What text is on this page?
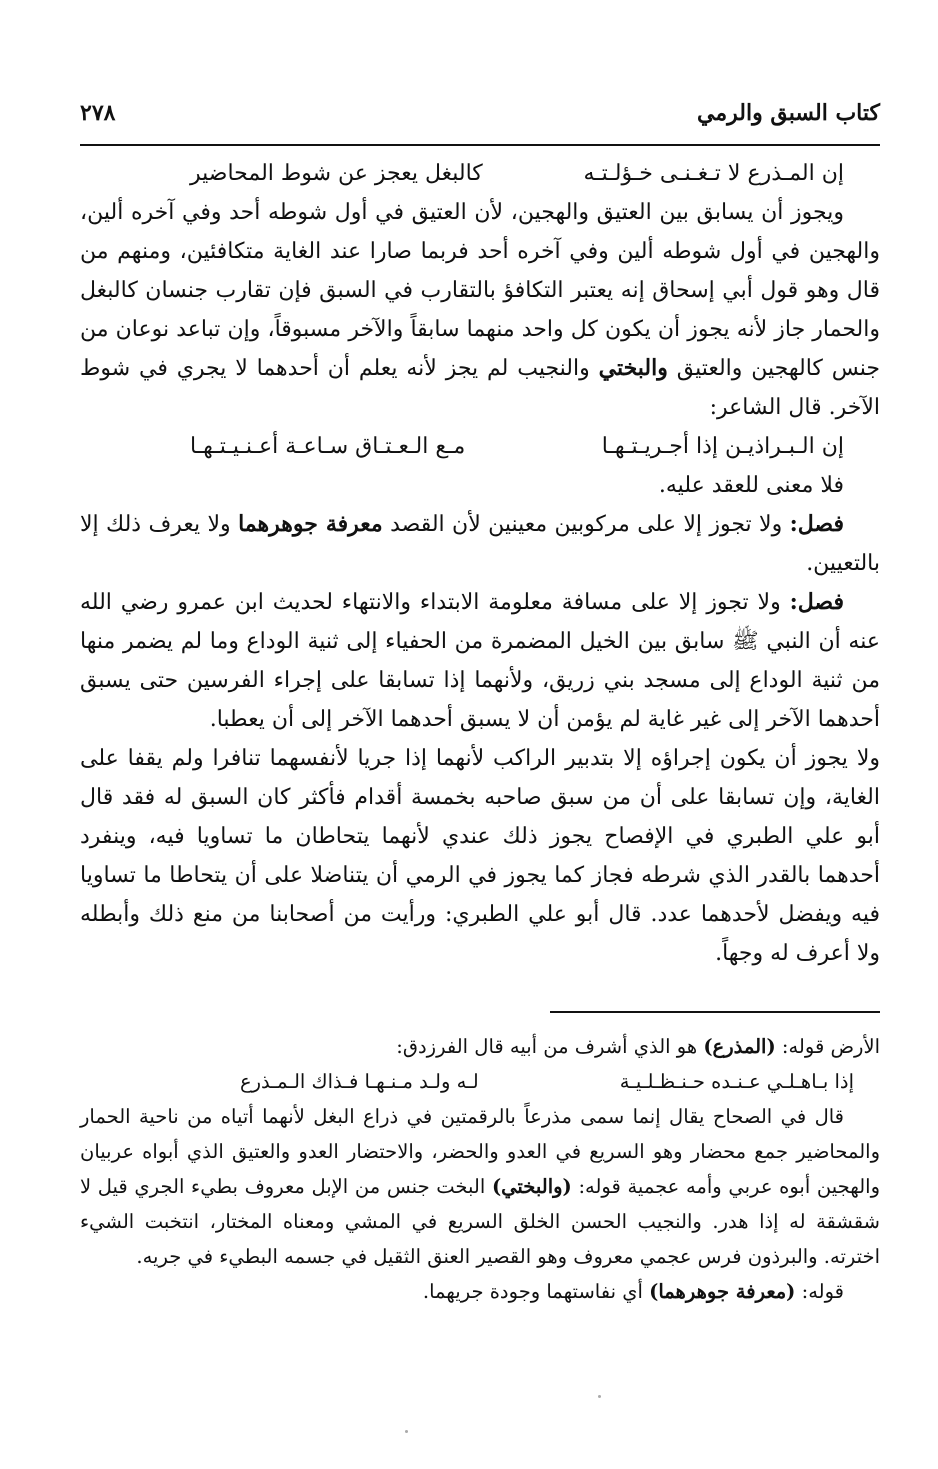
كتاب السبق والرمي
٢٧٨
إن المـذرع لا تـغـنـى خـؤلـتـه
كالبغل يعجز عن شوط المحاضير

ويجوز أن يسابق بين العتيق والهجين، لأن العتيق في أول شوطه أحد وفي آخره ألين، والهجين في أول شوطه ألين وفي آخره أحد فربما صارا عند الغاية متكافئين، ومنهم من قال وهو قول أبي إسحاق إنه يعتبر التكافؤ بالتقارب في السبق فإن تقارب جنسان كالبغل والحمار جاز لأنه يجوز أن يكون كل واحد منهما سابقاً والآخر مسبوقاً، وإن تباعد نوعان من جنس كالهجين والعتيق والبختي والنجيب لم يجز لأنه يعلم أن أحدهما لا يجري في شوط الآخر. قال الشاعر:

إن الـبـراذيـن إذا أجـريـتـهـا
مـع الـعـتـاق سـاعـة أعـنـيـتـهـا

فلا معنى للعقد عليه.

فصل: ولا تجوز إلا على مركوبين معينين لأن القصد معرفة جوهرهما ولا يعرف ذلك إلا بالتعيين.

فصل: ولا تجوز إلا على مسافة معلومة الابتداء والانتهاء لحديث ابن عمرو رضي الله عنه أن النبي ﷺ سابق بين الخيل المضمرة من الحفياء إلى ثنية الوداع وما لم يضمر منها من ثنية الوداع إلى مسجد بني زريق، ولأنهما إذا تسابقا على إجراء الفرسين حتى يسبق أحدهما الآخر إلى غير غاية لم يؤمن أن لا يسبق أحدهما الآخر إلى أن يعطبا.

ولا يجوز أن يكون إجراؤه إلا بتدبير الراكب لأنهما إذا جريا لأنفسهما تنافرا ولم يقفا على الغاية، وإن تسابقا على أن من سبق صاحبه بخمسة أقدام فأكثر كان السبق له فقد قال أبو علي الطبري في الإفصاح يجوز ذلك عندي لأنهما يتحاطان ما تساويا فيه، وينفرد أحدهما بالقدر الذي شرطه فجاز كما يجوز في الرمي أن يتناضلا على أن يتحاطا ما تساويا فيه ويفضل لأحدهما عدد. قال أبو علي الطبري: ورأيت من أصحابنا من منع ذلك وأبطله ولا أعرف له وجهاً.

الأرض قوله: (المذرع) هو الذي أشرف من أبيه قال الفرزدق:

إذا بـاهـلـي عـنـده حـنـظـلـيـة
لـه ولـد مـنـهـا فـذاك الـمـذرع

قال في الصحاح يقال إنما سمى مذرعاً بالرقمتين في ذراع البغل لأنهما أتياه من ناحية الحمار والمحاضير جمع محضار وهو السريع في العدو والحضر، والاحتضار العدو والعتيق الذي أبواه عربيان والهجين أبوه عربي وأمه عجمية قوله: (والبختي) البخت جنس من الإبل معروف بطيء الجري قيل لا شقشقة له إذا هدر. والنجيب الحسن الخلق السريع في المشي ومعناه المختار، انتخبت الشيء اخترته. والبرذون فرس عجمي معروف وهو القصير العنق الثقيل في جسمه البطيء في جريه.

قوله: (معرفة جوهرهما) أي نفاستهما وجودة جريهما.
